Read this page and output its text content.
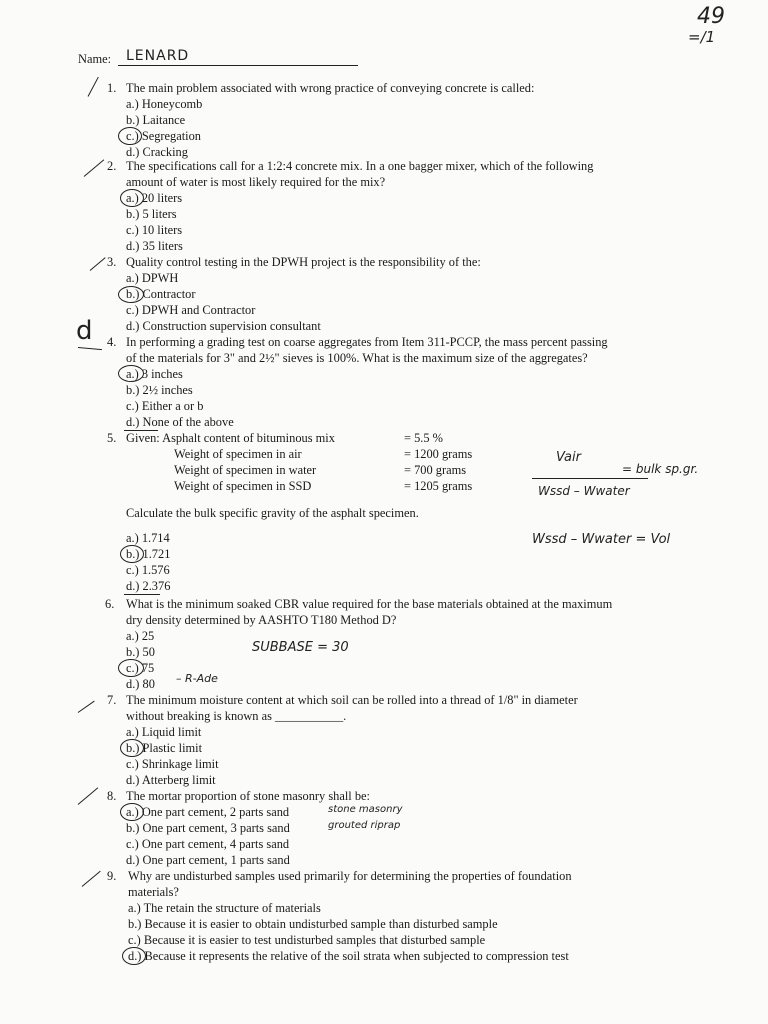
49
=/1
Name: LENARD
1. The main problem associated with wrong practice of conveying concrete is called:
a.) Honeycomb
b.) Laitance
c.) Segregation
d.) Cracking
2. The specifications call for a 1:2:4 concrete mix. In a one bagger mixer, which of the following
amount of water is most likely required for the mix?
a.) 20 liters
b.) 5 liters
c.) 10 liters
d.) 35 liters
3. Quality control testing in the DPWH project is the responsibility of the:
a.) DPWH
b.) Contractor
c.) DPWH and Contractor
d.) Construction supervision consultant
d 4. In performing a grading test on coarse aggregates from Item 311-PCCP, the mass percent passing
of the materials for 3" and 2½" sieves is 100%. What is the maximum size of the aggregates?
a.) 3 inches
b.) 2½ inches
c.) Either a or b
d.) None of the above
5. Given: Asphalt content of bituminous mix	= 5.5 %
Weight of specimen in air	= 1200 grams
Weight of specimen in water	= 700 grams
Weight of specimen in SSD	= 1205 grams
Calculate the bulk specific gravity of the asphalt specimen.
a.) 1.714
b.) 1.721
c.) 1.576
d.) 2.376
Vair
Wssd – Wwater
= bulk sp.gr.
Wssd – Wwater = Vol
6. What is the minimum soaked CBR value required for the base materials obtained at the maximum
dry density determined by AASHTO T180 Method D?
a.) 25
b.) 50
c.) 75
d.) 80
SUBBASE = 30
– R-Ade
7. The minimum moisture content at which soil can be rolled into a thread of 1/8" in diameter
without breaking is known as ___________.
a.) Liquid limit
b.) Plastic limit
c.) Shrinkage limit
d.) Atterberg limit
8. The mortar proportion of stone masonry shall be:
a.) One part cement, 2 parts sand
b.) One part cement, 3 parts sand
c.) One part cement, 4 parts sand
d.) One part cement, 1 parts sand
stone masonry
grouted riprap
9. Why are undisturbed samples used primarily for determining the properties of foundation
materials?
a.) The retain the structure of materials
b.) Because it is easier to obtain undisturbed sample than disturbed sample
c.) Because it is easier to test undisturbed samples that disturbed sample
d.) Because it represents the relative of the soil strata when subjected to compression test
